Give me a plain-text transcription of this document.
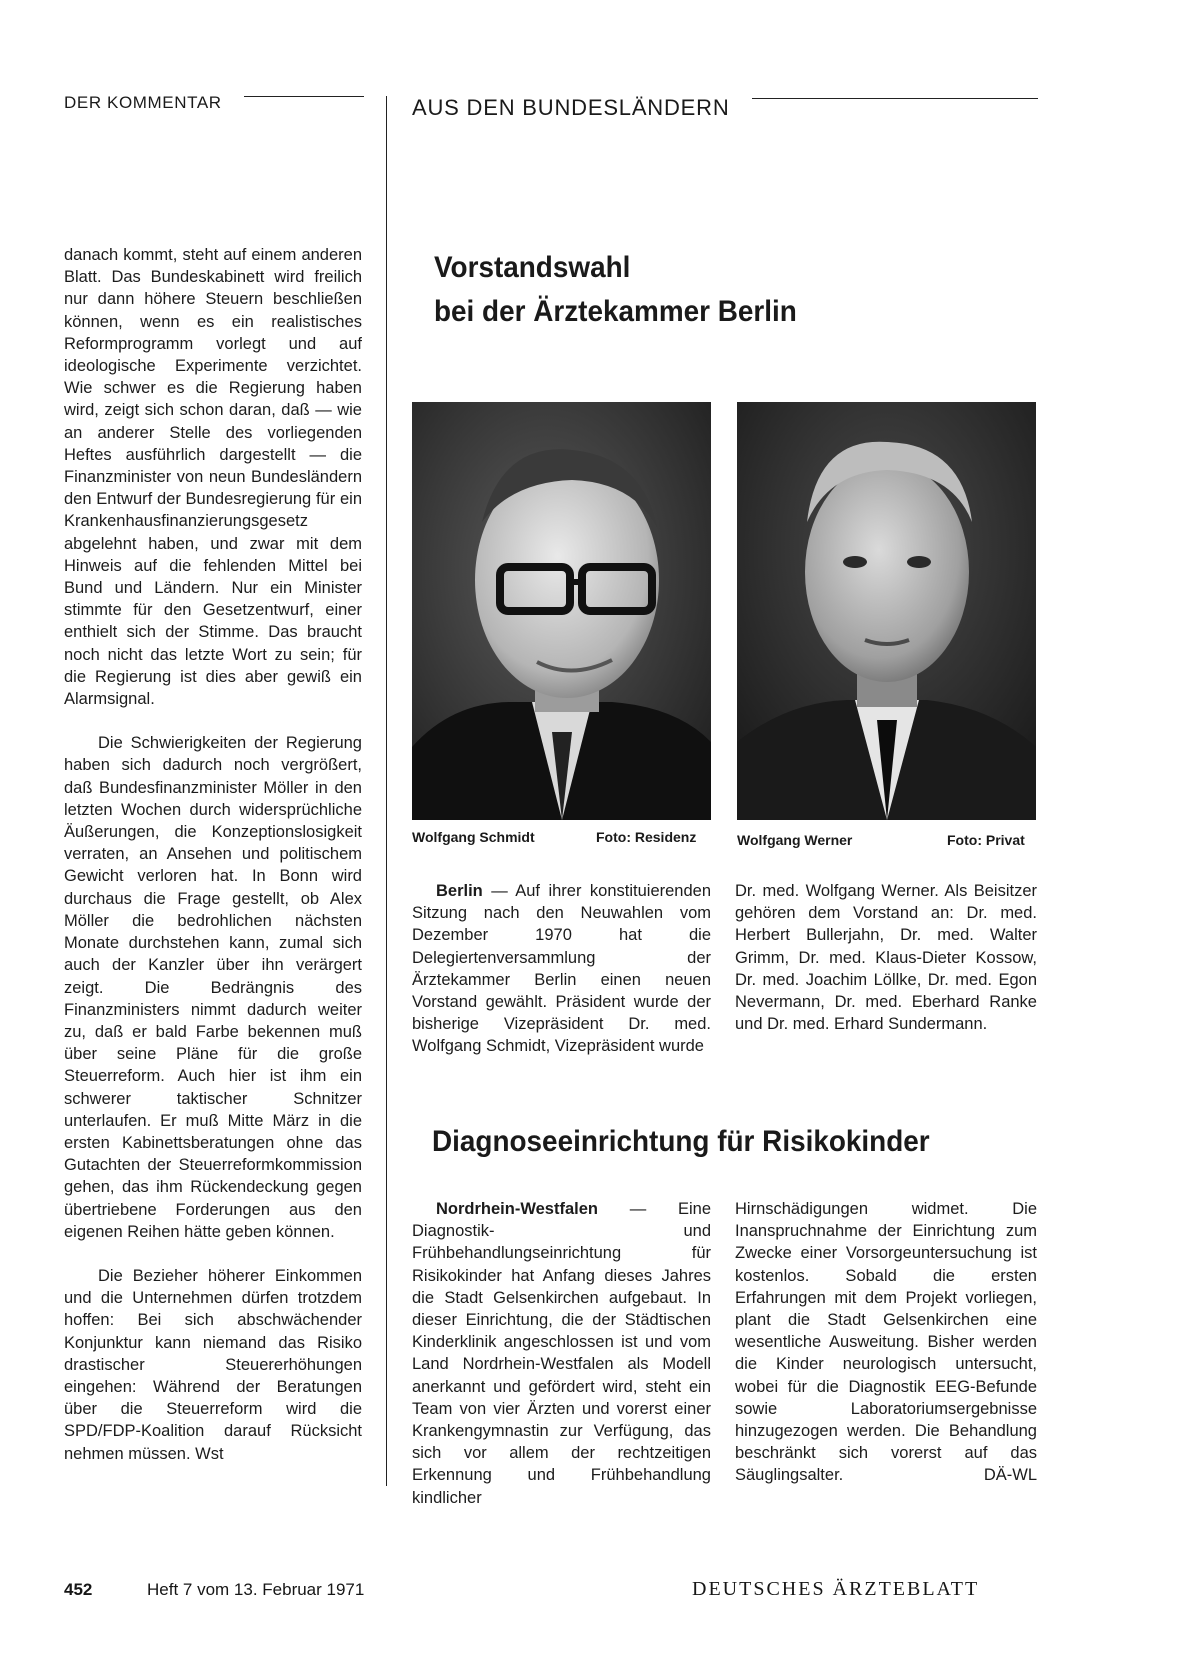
DER KOMMENTAR	AUS DEN BUNDESLÄNDERN

danach kommt, steht auf einem anderen Blatt. Das Bundeskabinett wird freilich nur dann höhere Steuern beschließen können, wenn es ein realistisches Reformprogramm vorlegt und auf ideologische Experimente verzichtet. Wie schwer es die Regierung haben wird, zeigt sich schon daran, daß — wie an anderer Stelle des vorliegenden Heftes ausführlich dargestellt — die Finanzminister von neun Bundesländern den Entwurf der Bundesregierung für ein Krankenhausfinanzierungsgesetz abgelehnt haben, und zwar mit dem Hinweis auf die fehlenden Mittel bei Bund und Ländern. Nur ein Minister stimmte für den Gesetzentwurf, einer enthielt sich der Stimme. Das braucht noch nicht das letzte Wort zu sein; für die Regierung ist dies aber gewiß ein Alarmsignal.

Die Schwierigkeiten der Regierung haben sich dadurch noch vergrößert, daß Bundesfinanzminister Möller in den letzten Wochen durch widersprüchliche Äußerungen, die Konzeptionslosigkeit verraten, an Ansehen und politischem Gewicht verloren hat. In Bonn wird durchaus die Frage gestellt, ob Alex Möller die bedrohlichen nächsten Monate durchstehen kann, zumal sich auch der Kanzler über ihn verärgert zeigt. Die Bedrängnis des Finanzministers nimmt dadurch weiter zu, daß er bald Farbe bekennen muß über seine Pläne für die große Steuerreform. Auch hier ist ihm ein schwerer taktischer Schnitzer unterlaufen. Er muß Mitte März in die ersten Kabinettsberatungen ohne das Gutachten der Steuerreformkommission gehen, das ihm Rückendeckung gegen übertriebene Forderungen aus den eigenen Reihen hätte geben können.

Die Bezieher höherer Einkommen und die Unternehmen dürfen trotzdem hoffen: Bei sich abschwächender Konjunktur kann niemand das Risiko drastischer Steuererhöhungen eingehen: Während der Beratungen über die Steuerreform wird die SPD/FDP-Koalition darauf Rücksicht nehmen müssen. Wst

Vorstandswahl
bei der Ärztekammer Berlin
Wolfgang Schmidt	Foto: Residenz	Wolfgang Werner	Foto: Privat
Berlin — Auf ihrer konstituierenden Sitzung nach den Neuwahlen vom Dezember 1970 hat die Delegiertenversammlung der Ärztekammer Berlin einen neuen Vorstand gewählt. Präsident wurde der bisherige Vizepräsident Dr. med. Wolfgang Schmidt, Vizepräsident wurde
Dr. med. Wolfgang Werner. Als Beisitzer gehören dem Vorstand an: Dr. med. Herbert Bullerjahn, Dr. med. Walter Grimm, Dr. med. Klaus-Dieter Kossow, Dr. med. Joachim Löllke, Dr. med. Egon Nevermann, Dr. med. Eberhard Ranke und Dr. med. Erhard Sundermann.
Diagnoseeinrichtung für Risikokinder
Nordrhein-Westfalen — Eine Diagnostik- und Frühbehandlungseinrichtung für Risikokinder hat Anfang dieses Jahres die Stadt Gelsenkirchen aufgebaut. In dieser Einrichtung, die der Städtischen Kinderklinik angeschlossen ist und vom Land Nordrhein-Westfalen als Modell anerkannt und gefördert wird, steht ein Team von vier Ärzten und vorerst einer Krankengymnastin zur Verfügung, das sich vor allem der rechtzeitigen Erkennung und Frühbehandlung kindlicher
Hirnschädigungen widmet. Die Inanspruchnahme der Einrichtung zum Zwecke einer Vorsorgeuntersuchung ist kostenlos. Sobald die ersten Erfahrungen mit dem Projekt vorliegen, plant die Stadt Gelsenkirchen eine wesentliche Ausweitung. Bisher werden die Kinder neurologisch untersucht, wobei für die Diagnostik EEG-Befunde sowie Laboratoriumsergebnisse hinzugezogen werden. Die Behandlung beschränkt sich vorerst auf das Säuglingsalter.	DÄ-WL
452	Heft 7 vom 13. Februar 1971	DEUTSCHES ÄRZTEBLATT
